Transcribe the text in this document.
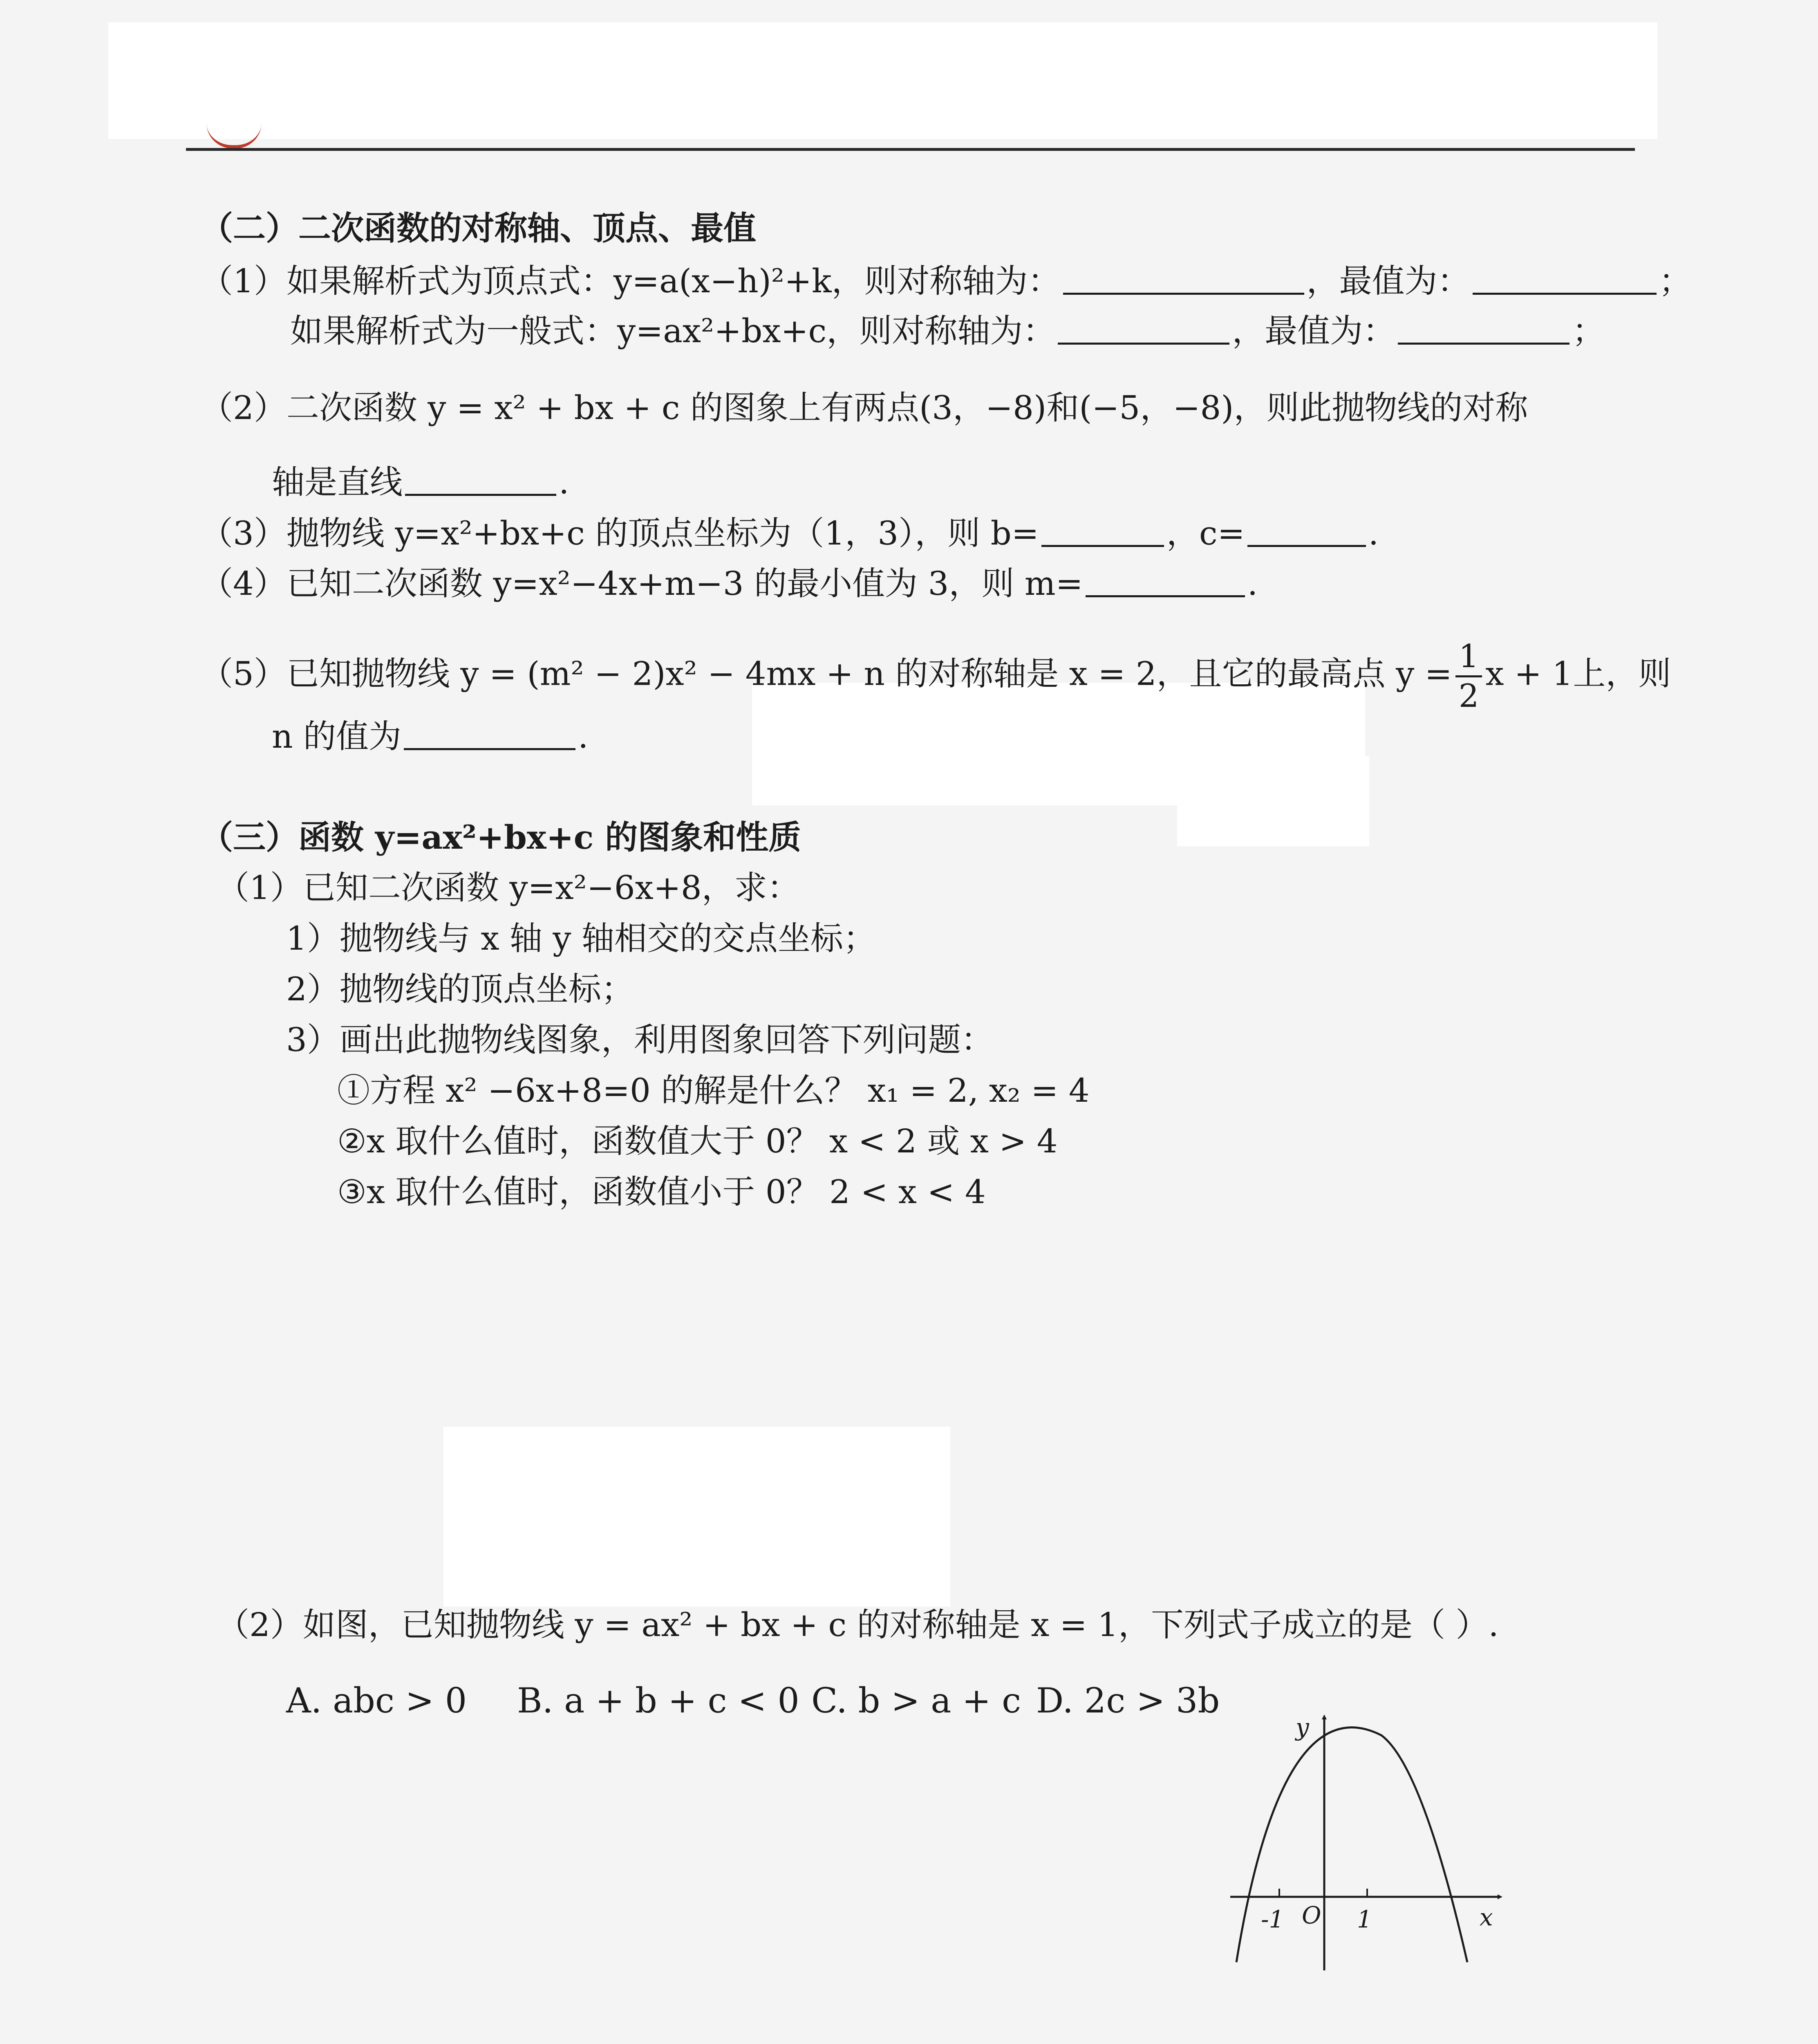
（二）二次函数的对称轴、顶点、最值
（1）如果解析式为顶点式：y=a(x−h)²+k，则对称轴为：	，最值为：	；
如果解析式为一般式：y=ax²+bx+c，则对称轴为：	，最值为：	；
（2）二次函数 y = x² + bx + c 的图象上有两点(3，−8)和(−5，−8)，则此抛物线的对称
轴是直线	.
（3）抛物线 y=x²+bx+c 的顶点坐标为（1，3），则 b=	，c=	.
（4）已知二次函数 y=x²−4x+m−3 的最小值为 3，则 m=	.
（5）已知抛物线 y = (m² − 2)x² − 4mx + n 的对称轴是 x = 2，且它的最高点 $y = \frac{1}{2}$ x + 1上，则
n 的值为	.
（三）函数 y=ax²+bx+c 的图象和性质
（1）已知二次函数 y=x²−6x+8，求：
1）抛物线与 x 轴 y 轴相交的交点坐标；
2）抛物线的顶点坐标；
3）画出此抛物线图象，利用图象回答下列问题：
①方程 x² −6x+8=0 的解是什么？ x₁ = 2, x₂ = 4
②x 取什么值时，函数值大于 0？ x < 2 或 x > 4
③x 取什么值时，函数值小于 0？ 2 < x < 4
（2）如图，已知抛物线 y = ax² + bx + c 的对称轴是 x = 1，下列式子成立的是（ ）.
A. abc > 0 B. a + b + c < 0 C. b > a + c D. 2c > 3b
y
x
O
-1	1
